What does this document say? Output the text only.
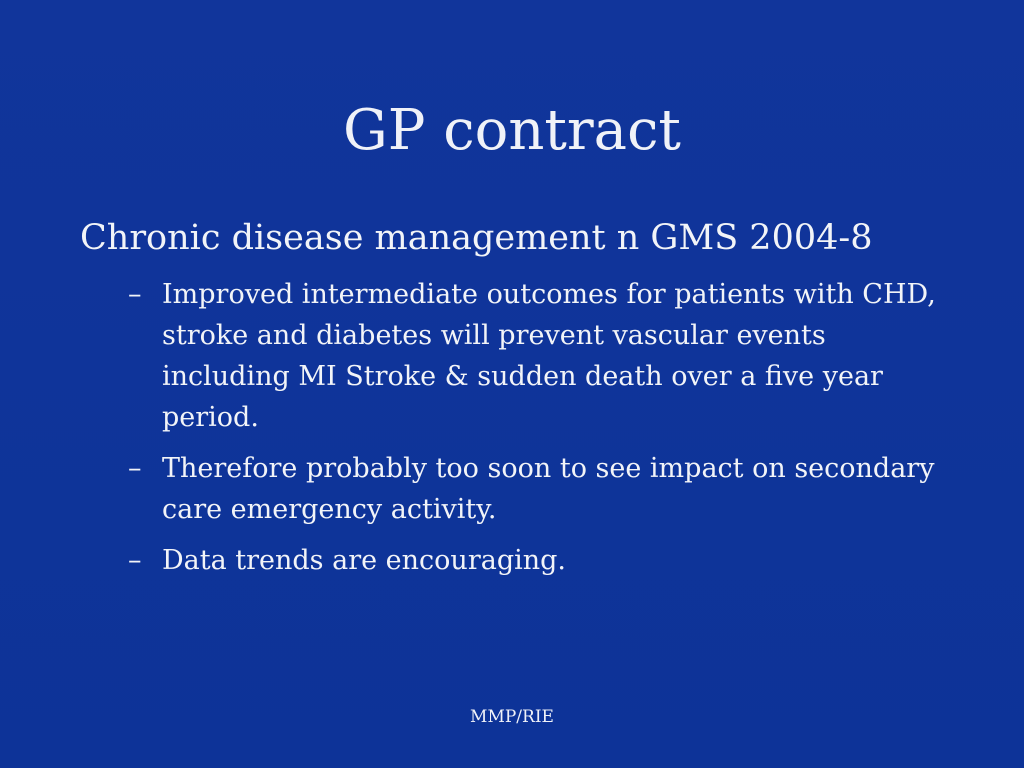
GP contract
Chronic disease management n GMS 2004-8
– Improved intermediate outcomes for patients with CHD, stroke and diabetes will prevent vascular events including MI Stroke & sudden death over a five year period.
– Therefore probably too soon to see impact on secondary care emergency activity.
– Data trends are encouraging.
MMP/RIE
